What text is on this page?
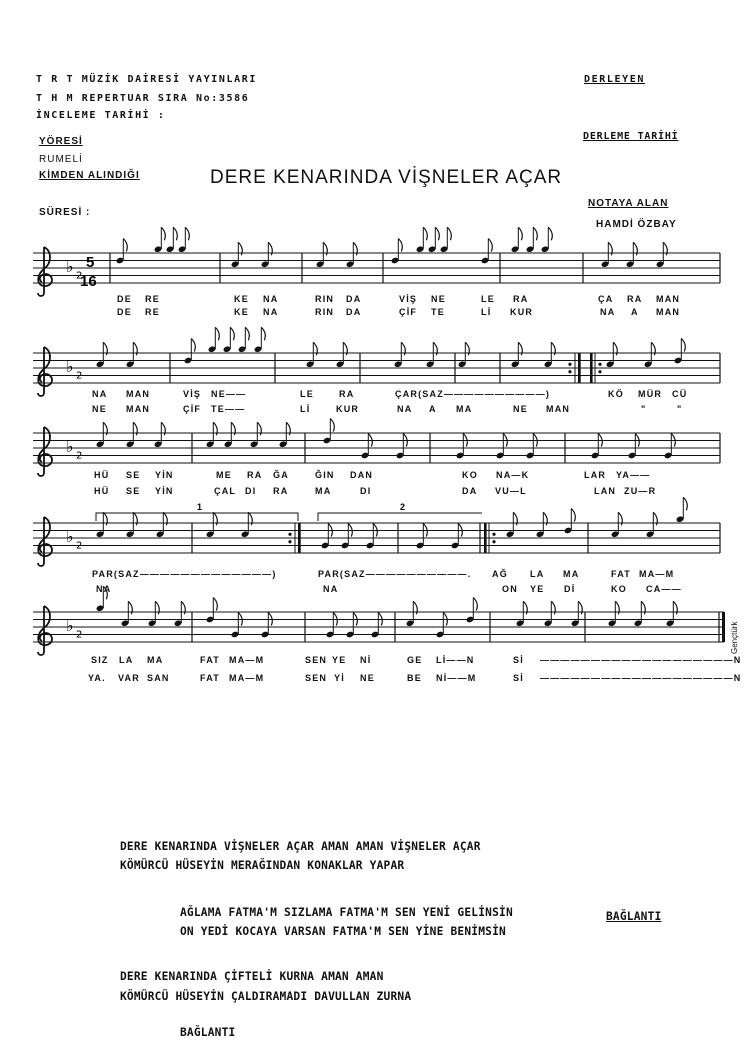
T R T MÜZİK DAİRESİ YAYINLARI
T H M REPERTUAR SIRA No:3586
İNCELEME TARİHİ :
DERLEYEN
DERLEME TARİHİ
YÖRESİ
RUMELİ
KİMDEN ALINDIĞI
SÜRESİ :
NOTAYA ALAN
HAMDİ ÖZBAY
DERE KENARINDA VİŞNELER AÇAR
♭ 2
5
16
♭ 2
♭ 2
♭ 2
1	2
♭ 2
DE RE	KE NA	RIN DA	VİŞ NE	LE RA	ÇA RA MAN
DE RE	KE NA	RIN DA	ÇİF TE	Lİ KUR	NA A MAN
NA MAN	VİŞ NE——	LE	RA	ÇAR(SAZ——————————)	KÖ MÜR CÜ
NE MAN	ÇİF TE——	Lİ	KUR	NA A MA	NE MAN	"	"
HÜ SE YİN	ME RA ĞA	ĞIN DAN	KO NA—K	LAR YA——
HÜ SE YİN	ÇAL DI RA	MA	DI	DA VU—L	LAN ZU—R
PAR(SAZ—————————————)	PAR(SAZ——————————. AĞ LA MA	FAT MA—M
NA	NA	ON YE Dİ	KO CA——
SIZ LA MA	FAT MA—M	SEN YE Nİ	GE Lİ——N	Sİ ———————————————————N
YA. VAR SAN	FAT MA—M	SEN Yİ NE	BE Nİ——M	Sİ ———————————————————N
Gençtürk
DERE KENARINDA VİŞNELER AÇAR AMAN AMAN VİŞNELER AÇAR
KÖMÜRCÜ HÜSEYİN MERAĞINDAN KONAKLAR YAPAR
AĞLAMA FATMA'M SIZLAMA FATMA'M SEN YENİ GELİNSİN
ON YEDİ KOCAYA VARSAN FATMA'M SEN YİNE BENİMSİN
BAĞLANTI
DERE KENARINDA ÇİFTELİ KURNA AMAN AMAN
KÖMÜRCÜ HÜSEYİN ÇALDIRAMADI DAVULLAN ZURNA
BAĞLANTI
